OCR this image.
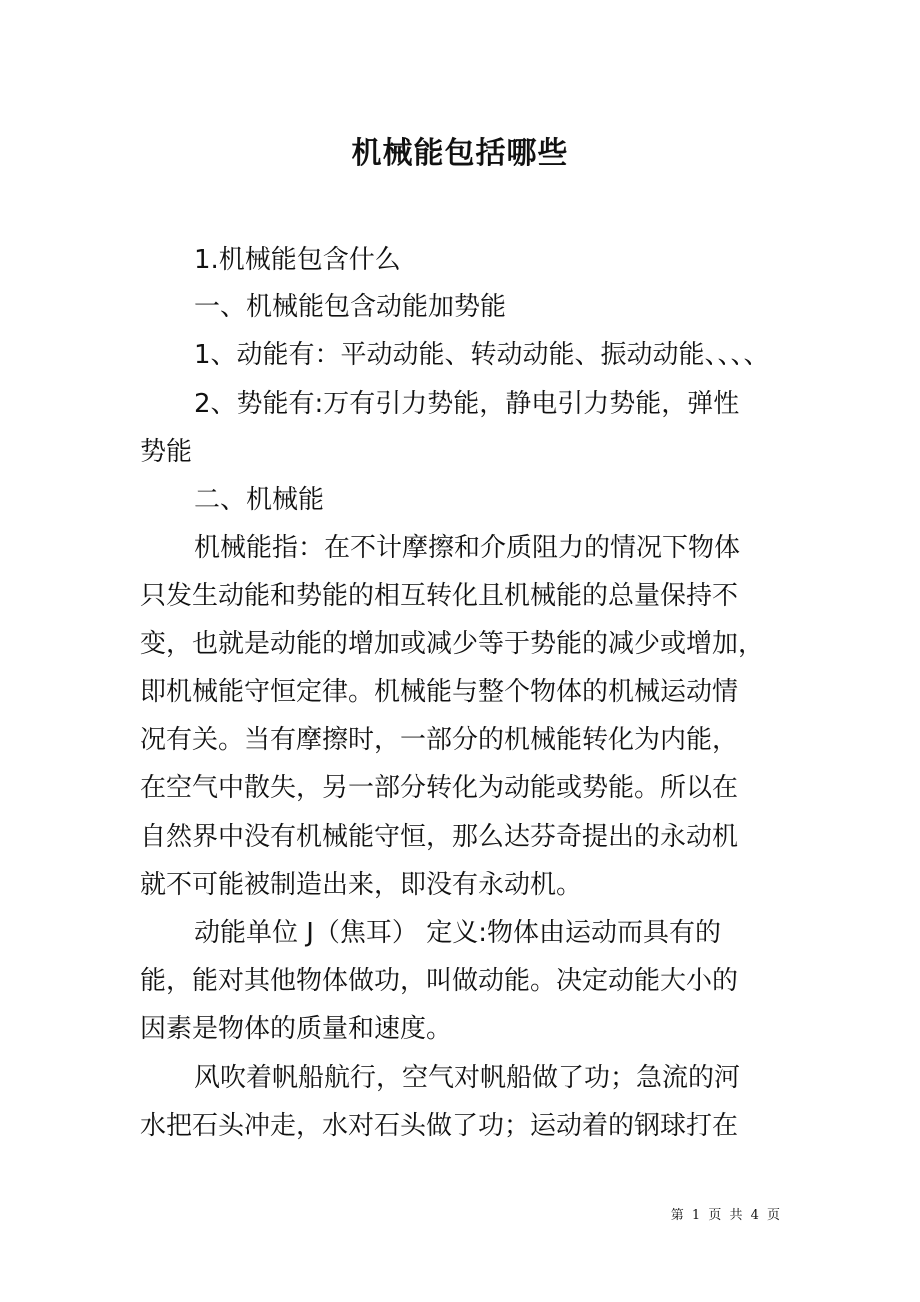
机械能包括哪些
1.机械能包含什么
一、机械能包含动能加势能
1、动能有：平动动能、转动动能、振动动能、、、、
2、势能有:万有引力势能，静电引力势能，弹性
势能
二、机械能
机械能指：在不计摩擦和介质阻力的情况下物体
只发生动能和势能的相互转化且机械能的总量保持不
变，也就是动能的增加或减少等于势能的减少或增加，
即机械能守恒定律。机械能与整个物体的机械运动情
况有关。当有摩擦时，一部分的机械能转化为内能，
在空气中散失，另一部分转化为动能或势能。所以在
自然界中没有机械能守恒，那么达芬奇提出的永动机
就不可能被制造出来，即没有永动机。
动能单位 J（焦耳） 定义:物体由运动而具有的
能，能对其他物体做功，叫做动能。决定动能大小的
因素是物体的质量和速度。
风吹着帆船航行，空气对帆船做了功；急流的河
水把石头冲走，水对石头做了功；运动着的钢球打在
第 1 页 共 4 页
